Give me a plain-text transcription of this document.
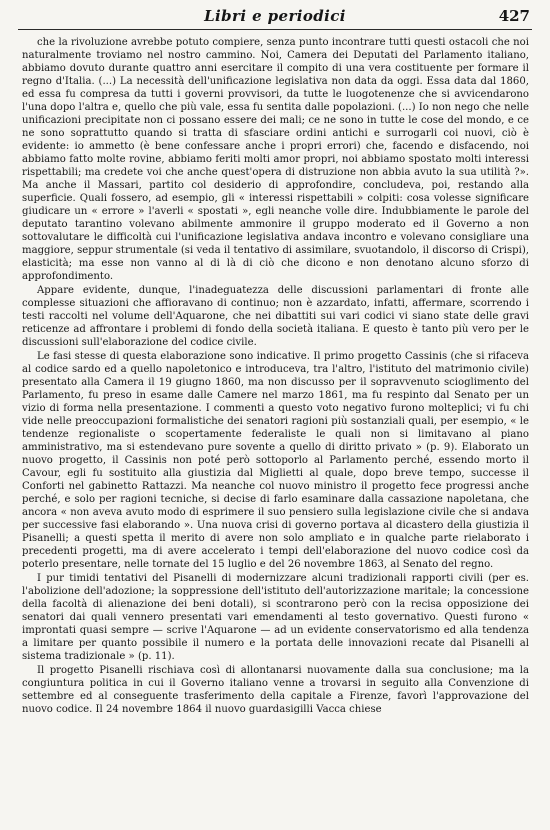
Libri e periodici	427

che la rivoluzione avrebbe potuto compiere, senza punto incontrare tutti questi ostacoli che noi naturalmente troviamo nel nostro cammino. Noi, Camera dei Deputati del Parlamento italiano, abbiamo dovuto durante quattro anni esercitare il compito di una vera costituente per formare il regno d'Italia. (...) La necessità dell'unificazione legislativa non data da oggi. Essa data dal 1860, ed essa fu compresa da tutti i governi provvisori, da tutte le luogotenenze che si avvicendarono l'una dopo l'altra e, quello che più vale, essa fu sentita dalle popolazioni. (...) Io non nego che nelle unificazioni precipitate non ci possano essere dei mali; ce ne sono in tutte le cose del mondo, e ce ne sono soprattutto quando si tratta di sfasciare ordini antichi e surrogarli coi nuovi, ciò è evidente: io ammetto (è bene confessare anche i propri errori) che, facendo e disfacendo, noi abbiamo fatto molte rovine, abbiamo feriti molti amor propri, noi abbiamo spostato molti interessi rispettabili; ma credete voi che anche quest'opera di distruzione non abbia avuto la sua utilità ?». Ma anche il Massari, partito col desiderio di approfondire, concludeva, poi, restando alla superficie. Quali fossero, ad esempio, gli « interessi rispettabili » colpiti: cosa volesse significare giudicare un « errore » l'averli « spostati », egli neanche volle dire. Indubbiamente le parole del deputato tarantino volevano abilmente ammonire il gruppo moderato ed il Governo a non sottovalutare le difficoltà cui l'unificazione legislativa andava incontro e volevano consigliare una maggiore, seppur strumentale (si veda il tentativo di assimilare, svuotandolo, il discorso di Crispi), elasticità; ma esse non vanno al di là di ciò che dicono e non denotano alcuno sforzo di approfondimento.

Appare evidente, dunque, l'inadeguatezza delle discussioni parlamentari di fronte alle complesse situazioni che affioravano di continuo; non è azzardato, infatti, affermare, scorrendo i testi raccolti nel volume dell'Aquarone, che nei dibattiti sui vari codici vi siano state delle gravi reticenze ad affrontare i problemi di fondo della società italiana. E questo è tanto più vero per le discussioni sull'elaborazione del codice civile.

Le fasi stesse di questa elaborazione sono indicative. Il primo progetto Cassinis (che si rifaceva al codice sardo ed a quello napoletonico e introduceva, tra l'altro, l'istituto del matrimonio civile) presentato alla Camera il 19 giugno 1860, ma non discusso per il sopravvenuto scioglimento del Parlamento, fu preso in esame dalle Camere nel marzo 1861, ma fu respinto dal Senato per un vizio di forma nella presentazione. I commenti a questo voto negativo furono molteplici; vi fu chi vide nelle preoccupazioni formalistiche dei senatori ragioni più sostanziali quali, per esempio, « le tendenze regionaliste o scopertamente federaliste le quali non si limitavano al piano amministrativo, ma si estendevano pure sovente a quello di diritto privato » (p. 9). Elaborato un nuovo progetto, il Cassinis non poté però sottoporlo al Parlamento perché, essendo morto il Cavour, egli fu sostituito alla giustizia dal Miglietti al quale, dopo breve tempo, successe il Conforti nel gabinetto Rattazzi. Ma neanche col nuovo ministro il progetto fece progressi anche perché, e solo per ragioni tecniche, si decise di farlo esaminare dalla cassazione napoletana, che ancora « non aveva avuto modo di esprimere il suo pensiero sulla legislazione civile che si andava per successive fasi elaborando ». Una nuova crisi di governo portava al dicastero della giustizia il Pisanelli; a questi spetta il merito di avere non solo ampliato e in qualche parte rielaborato i precedenti progetti, ma di avere accelerato i tempi dell'elaborazione del nuovo codice così da poterlo presentare, nelle tornate del 15 luglio e del 26 novembre 1863, al Senato del regno.

I pur timidi tentativi del Pisanelli di modernizzare alcuni tradizionali rapporti civili (per es. l'abolizione dell'adozione; la soppressione dell'istituto dell'autorizzazione maritale; la concessione della facoltà di alienazione dei beni dotali), si scontrarono però con la recisa opposizione dei senatori dai quali vennero presentati vari emendamenti al testo governativo. Questi furono « improntati quasi sempre — scrive l'Aquarone — ad un evidente conservatorismo ed alla tendenza a limitare per quanto possibile il numero e la portata delle innovazioni recate dal Pisanelli al sistema tradizionale » (p. 11).

Il progetto Pisanelli rischiava così di allontanarsi nuovamente dalla sua conclusione; ma la congiuntura politica in cui il Governo italiano venne a trovarsi in seguito alla Convenzione di settembre ed al conseguente trasferimento della capitale a Firenze, favorì l'approvazione del nuovo codice. Il 24 novembre 1864 il nuovo guardasigilli Vacca chiese
